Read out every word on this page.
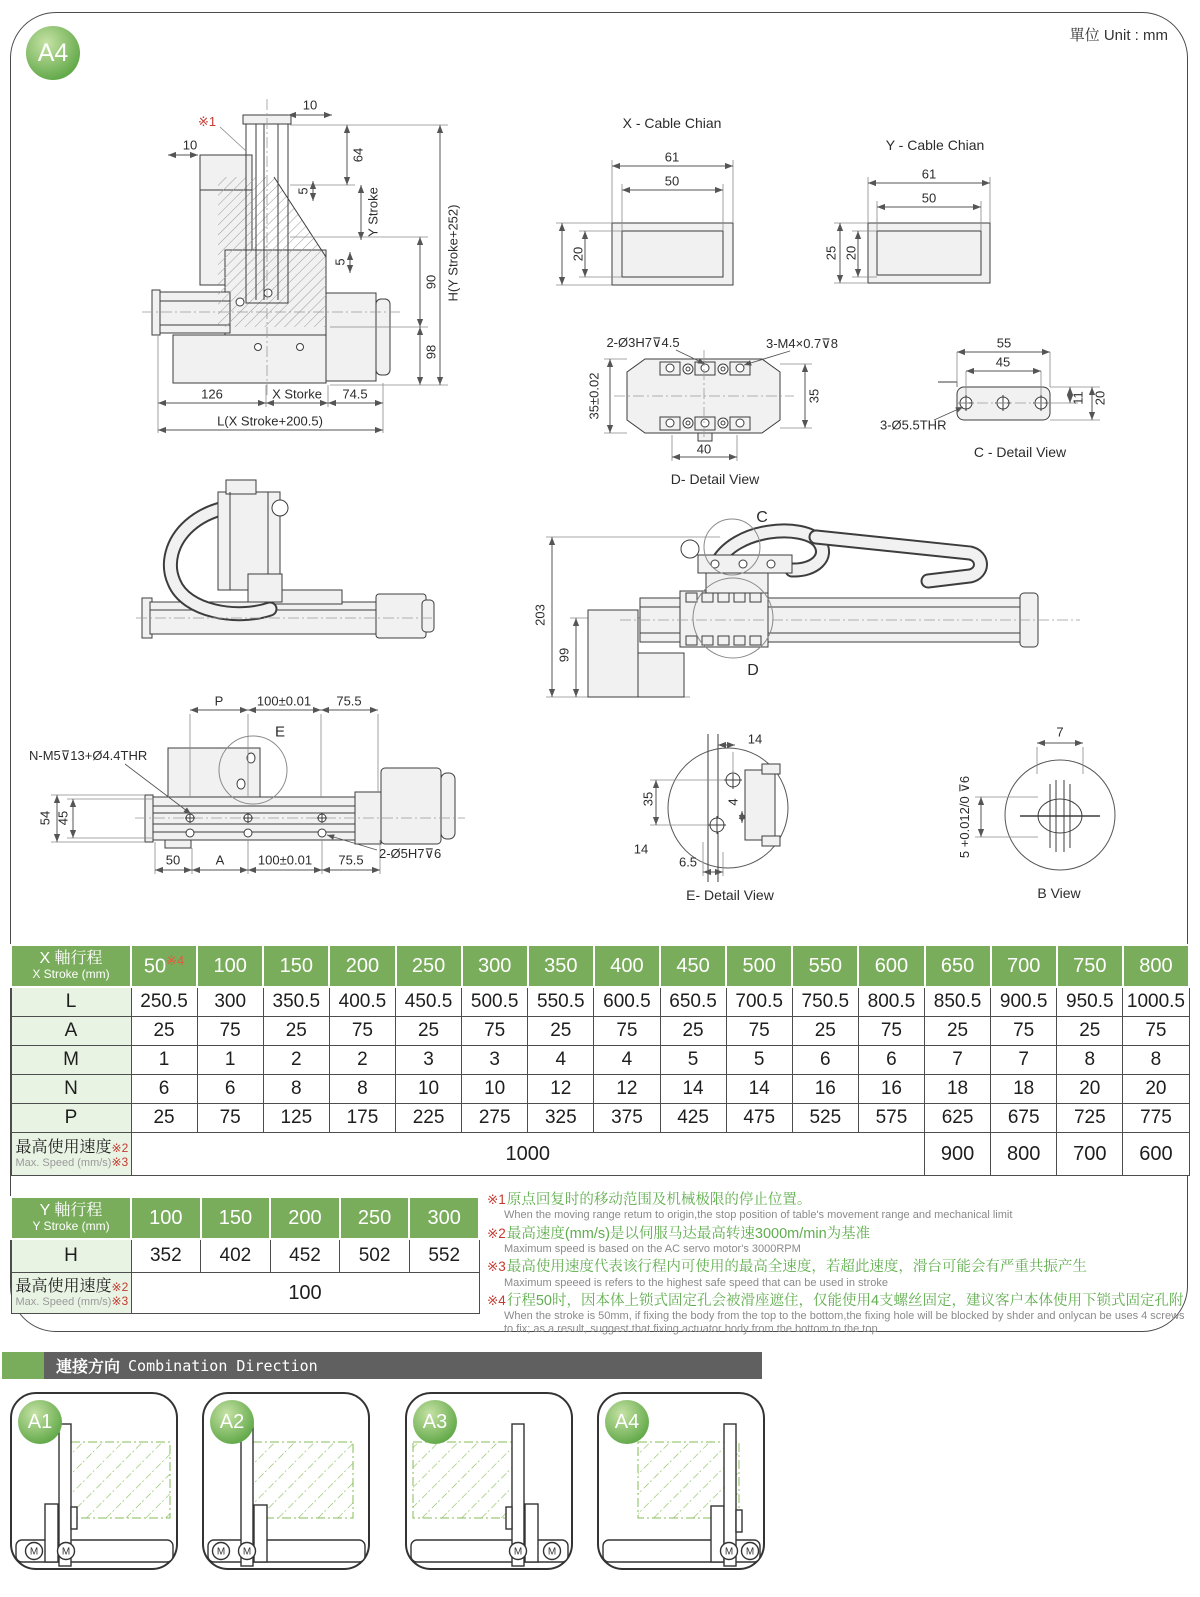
A4
單位 Unit : mm
※1
10
10
64
5	Y Stroke
5
90
98
H(Y Stroke+252)
126	X Storke 74.5
L(X Stroke+200.5)
X - Cable Chian
61
50
20
Y - Cable Chian
61
50
25 20
2-Ø3H7⊽4.5	3-M4×0.7⊽8
35±0.02	35
40
D- Detail View
55
45
11 20
3-Ø5.5THR
C - Detail View
203
99
C
D
P	100±0.01 75.5
E
N-M5⊽13+Ø4.4THR
54 45
50	A	100±0.01 75.5 2-Ø5H7⊽6
14
35	4
14
6.5
E- Detail View
7
5 +0.012/0 ⊽6
B View
X 軸行程
X Stroke (mm)	50$^{※4}$	100	150	200	250	300	350	400	450	500	550	600	650	700	750	800
L	250.5	300	350.5	400.5	450.5	500.5	550.5	600.5	650.5	700.5	750.5	800.5	850.5	900.5	950.5	1000.5
A	25	75	25	75	25	75	25	75	25	75	25	75	25	75	25	75
M	1	1	2	2	3	3	4	4	5	5	6	6	7	7	8	8
N	6	6	8	8	10	10	12	12	14	14	16	16	18	18	20	20
P	25	75	125	175	225	275	325	375	425	475	525	575	625	675	725	775

最高使用速度※2
Max. Speed (mm/s)※3	1000												900	800	700	600
Y 軸行程
Y Stroke (mm)	100	150	200	250	300
H	352	402	452	502	552

最高使用速度※2
Max. Speed (mm/s)※3	100				
※1原点回复时的移动范围及机械极限的停止位置。
When the moving range retum to origin,the stop position of table's movement range and mechanical limit
※2最高速度(mm/s)是以伺服马达最高转速3000m/min为基准
Maximum speed is based on the AC servo motor's 3000RPM
※3最高使用速度代表该行程内可使用的最高全速度，若超此速度，滑台可能会有严重共振产生
Maximum speeed is refers to the highest safe speed that can be used in stroke
※4行程50时，因本体上锁式固定孔会被滑座遮住，仅能使用4支螺丝固定，建议客户本体使用下锁式固定孔附
When the stroke is 50mm, if fixing the body from the top to the bottom,the fixing hole will be blocked by shder and onlycan be uses 4 screws to fix; as a result, suggest that fixing actuator body from the bottom to the top
連接方向 Combination Direction
A1
M M
A2
M M
A3
M	M
A4
M M
